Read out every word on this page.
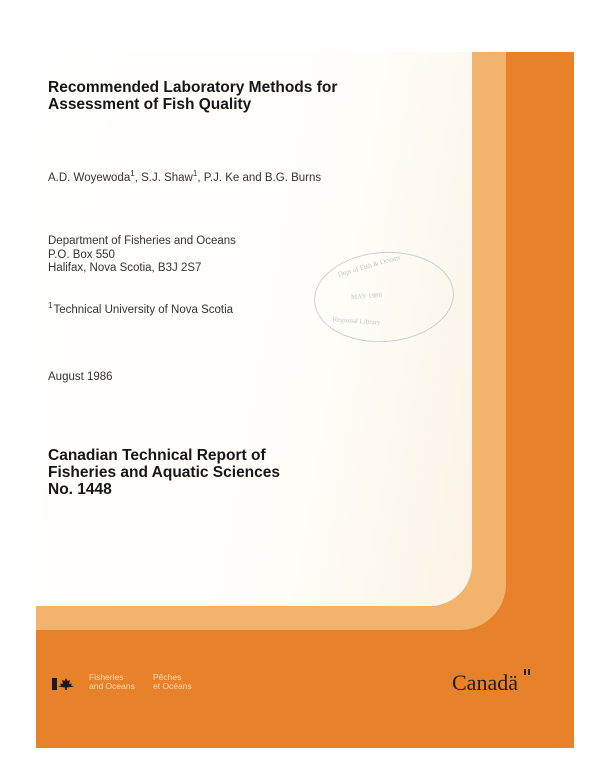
Recommended Laboratory Methods for
Assessment of Fish Quality
A.D. Woyewoda$^1$, S.J. Shaw$^1$, P.J. Ke and B.G. Burns
Department of Fisheries and Oceans
P.O. Box 550
Halifax, Nova Scotia, B3J 2S7
$^1$Technical University of Nova Scotia
August 1986
Dept of Fish & Oceans
MAY 1986
Regional Library
Canadian Technical Report of
Fisheries and Aquatic Sciences
No. 1448
Fisheries
and Oceans
Pêches
et Océans	Canadä
